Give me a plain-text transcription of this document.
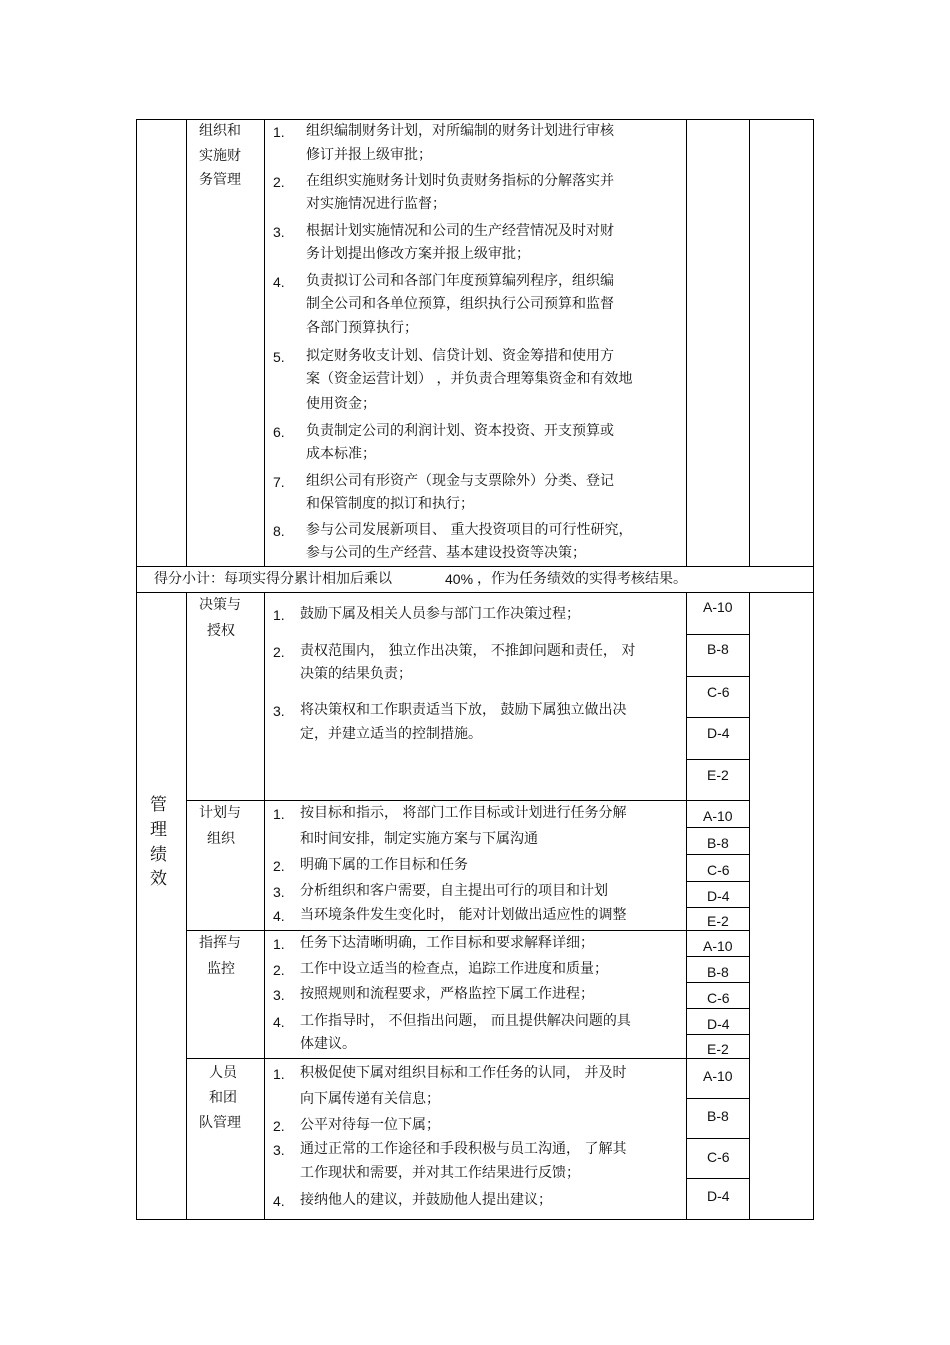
组织和
实施财
务管理
1. 组织编制财务计划，对所编制的财务计划进行审核
修订并报上级审批；
2. 在组织实施财务计划时负责财务指标的分解落实并
对实施情况进行监督；
3. 根据计划实施情况和公司的生产经营情况及时对财
务计划提出修改方案并报上级审批；
4. 负责拟订公司和各部门年度预算编列程序，组织编
制全公司和各单位预算，组织执行公司预算和监督
各部门预算执行；
5. 拟定财务收支计划、信贷计划、资金筹措和使用方
案（资金运营计划） ，并负责合理筹集资金和有效地
使用资金；
6. 负责制定公司的利润计划、资本投资、开支预算或
成本标准；
7. 组织公司有形资产（现金与支票除外）分类、登记
和保管制度的拟订和执行；
8. 参与公司发展新项目、 重大投资项目的可行性研究，
参与公司的生产经营、基本建设投资等决策；
得分小计：每项实得分累计相加后乘以	40% ，作为任务绩效的实得考核结果。
管
理
绩
效
决策与
授权
1. 鼓励下属及相关人员参与部门工作决策过程；
2. 责权范围内， 独立作出决策， 不推卸问题和责任， 对
决策的结果负责；
3. 将决策权和工作职责适当下放， 鼓励下属独立做出决
定，并建立适当的控制措施。
A-10
B-8
C-6
D-4
E-2
计划与
组织
1. 按目标和指示， 将部门工作目标或计划进行任务分解
和时间安排，制定实施方案与下属沟通
2. 明确下属的工作目标和任务
3. 分析组织和客户需要，自主提出可行的项目和计划
4. 当环境条件发生变化时， 能对计划做出适应性的调整
A-10
B-8
C-6
D-4
E-2
指挥与
监控
1. 任务下达清晰明确，工作目标和要求解释详细；
2. 工作中设立适当的检查点，追踪工作进度和质量；
3. 按照规则和流程要求，严格监控下属工作进程；
4. 工作指导时， 不但指出问题， 而且提供解决问题的具
体建议。
A-10
B-8
C-6
D-4
E-2
人员
和团
队管理
1. 积极促使下属对组织目标和工作任务的认同， 并及时
向下属传递有关信息；
2. 公平对待每一位下属；
3. 通过正常的工作途径和手段积极与员工沟通， 了解其
工作现状和需要，并对其工作结果进行反馈；
4. 接纳他人的建议，并鼓励他人提出建议；
A-10
B-8
C-6
D-4
